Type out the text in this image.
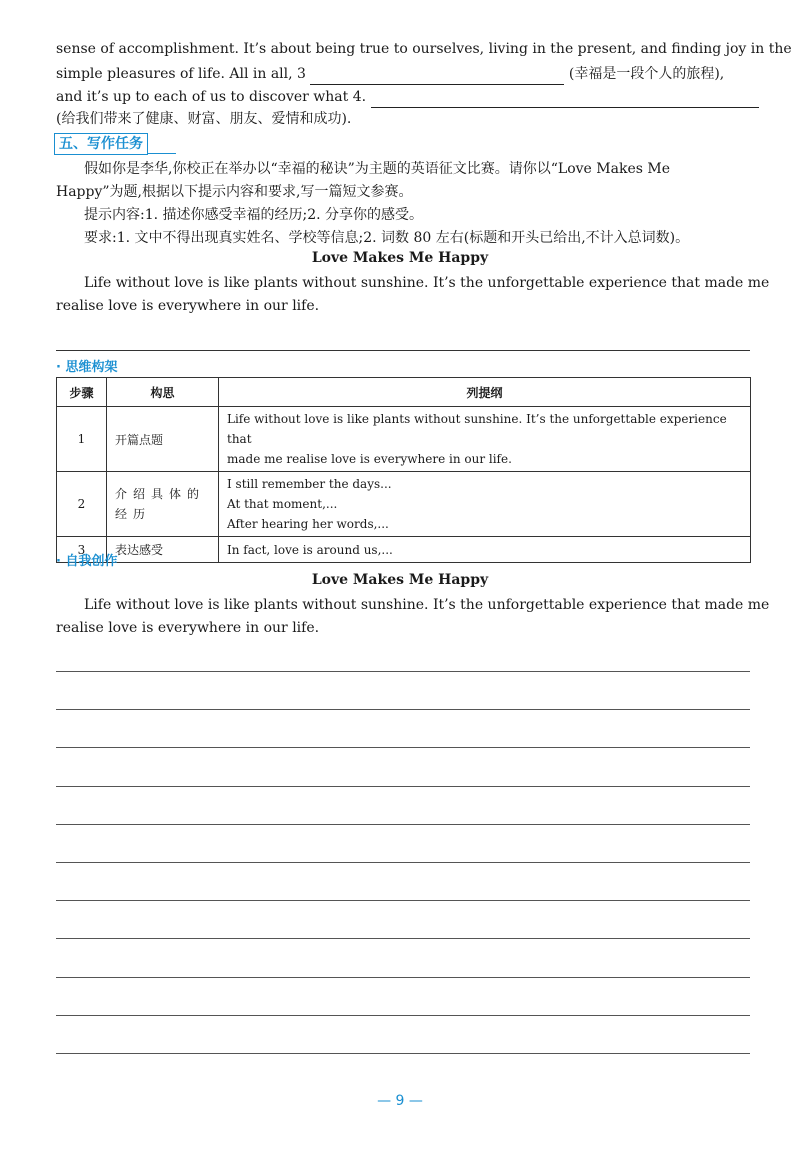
sense of accomplishment. It’s about being true to ourselves, living in the present, and finding joy in the
simple pleasures of life. All in all, 3	(幸福是一段个人的旅程),
and it’s up to each of us to discover what 4.
(给我们带来了健康、财富、朋友、爱情和成功).
五、写作任务
假如你是李华,你校正在举办以“幸福的秘诀”为主题的英语征文比赛。请你以“Love Makes Me
Happy”为题,根据以下提示内容和要求,写一篇短文参赛。
提示内容:1. 描述你感受幸福的经历;2. 分享你的感受。
要求:1. 文中不得出现真实姓名、学校等信息;2. 词数 80 左右(标题和开头已给出,不计入总词数)。
Love Makes Me Happy
Life without love is like plants without sunshine. It’s the unforgettable experience that made me
realise love is everywhere in our life.
· 思维构架
步骤	构思	列提纲
1	开篇点题	Life without love is like plants without sunshine. It’s the unforgettable experience that
made me realise love is everywhere in our life.

2	介绍具体的经历	I still remember the days...
At that moment,...
After hearing her words,...

3	表达感受	In fact, love is around us,...
· 自我创作
Love Makes Me Happy
Life without love is like plants without sunshine. It’s the unforgettable experience that made me
realise love is everywhere in our life.
— 9 —
